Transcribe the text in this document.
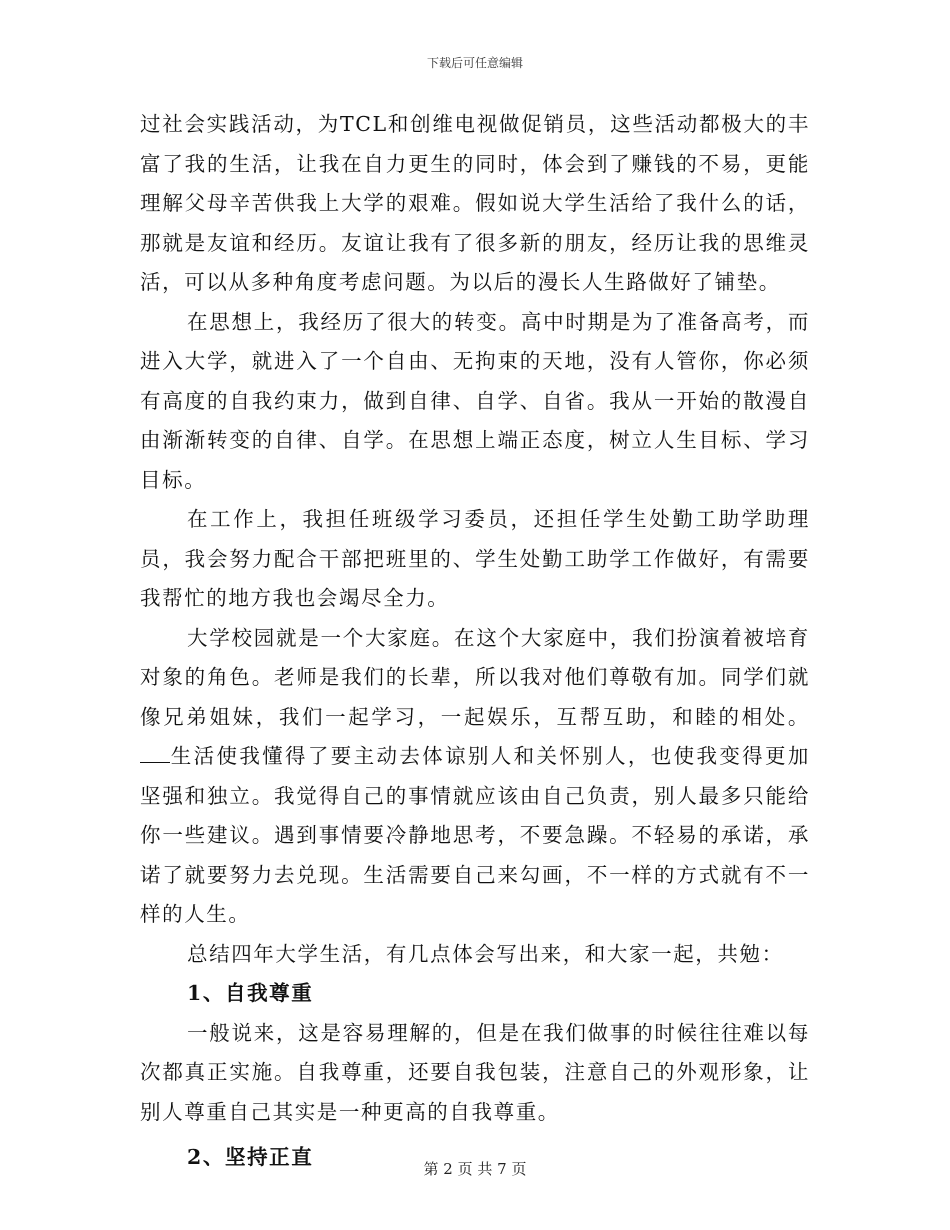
下载后可任意编辑

过社会实践活动，为TCL和创维电视做促销员，这些活动都极大的丰富了我的生活，让我在自力更生的同时，体会到了赚钱的不易，更能理解父母辛苦供我上大学的艰难。假如说大学生活给了我什么的话，那就是友谊和经历。友谊让我有了很多新的朋友，经历让我的思维灵活，可以从多种角度考虑问题。为以后的漫长人生路做好了铺垫。

在思想上，我经历了很大的转变。高中时期是为了准备高考，而进入大学，就进入了一个自由、无拘束的天地，没有人管你，你必须有高度的自我约束力，做到自律、自学、自省。我从一开始的散漫自由渐渐转变的自律、自学。在思想上端正态度，树立人生目标、学习目标。

在工作上，我担任班级学习委员，还担任学生处勤工助学助理员，我会努力配合干部把班里的、学生处勤工助学工作做好，有需要我帮忙的地方我也会竭尽全力。

大学校园就是一个大家庭。在这个大家庭中，我们扮演着被培育对象的角色。老师是我们的长辈，所以我对他们尊敬有加。同学们就像兄弟姐妹，我们一起学习，一起娱乐，互帮互助，和睦的相处。生活使我懂得了要主动去体谅别人和关怀别人，也使我变得更加坚强和独立。我觉得自己的事情就应该由自己负责，别人最多只能给你一些建议。遇到事情要冷静地思考，不要急躁。不轻易的承诺，承诺了就要努力去兑现。生活需要自己来勾画，不一样的方式就有不一样的人生。

总结四年大学生活，有几点体会写出来，和大家一起，共勉：

1、自我尊重

一般说来，这是容易理解的，但是在我们做事的时候往往难以每次都真正实施。自我尊重，还要自我包装，注意自己的外观形象，让别人尊重自己其实是一种更高的自我尊重。

2、坚持正直	第 2 页 共 7 页
